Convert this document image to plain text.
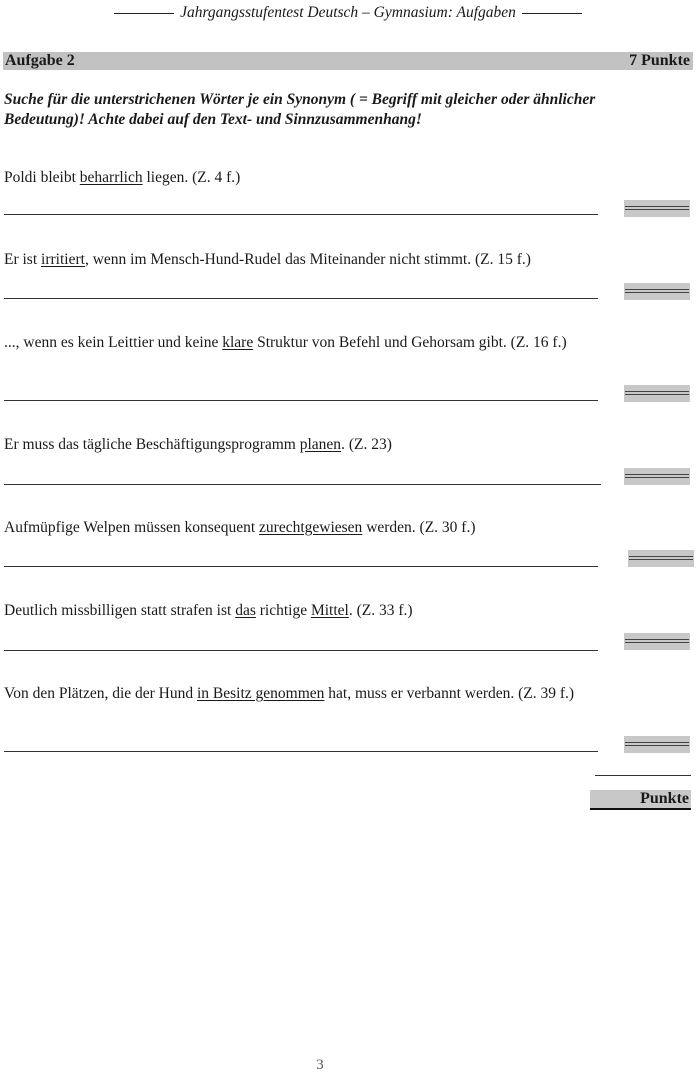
Jahrgangsstufentest Deutsch – Gymnasium: Aufgaben
Aufgabe 2	7 Punkte
Suche für die unterstrichenen Wörter je ein Synonym ( = Begriff mit gleicher oder ähnlicher Bedeutung)! Achte dabei auf den Text- und Sinnzusammenhang!
Poldi bleibt beharrlich liegen. (Z. 4 f.)
Er ist irritiert, wenn im Mensch-Hund-Rudel das Miteinander nicht stimmt. (Z. 15 f.)
..., wenn es kein Leittier und keine klare Struktur von Befehl und Gehorsam gibt. (Z. 16 f.)
Er muss das tägliche Beschäftigungsprogramm planen. (Z. 23)
Aufmüpfige Welpen müssen konsequent zurechtgewiesen werden. (Z. 30 f.)
Deutlich missbilligen statt strafen ist das richtige Mittel. (Z. 33 f.)
Von den Plätzen, die der Hund in Besitz genommen hat, muss er verbannt werden. (Z. 39 f.)
Punkte
3
